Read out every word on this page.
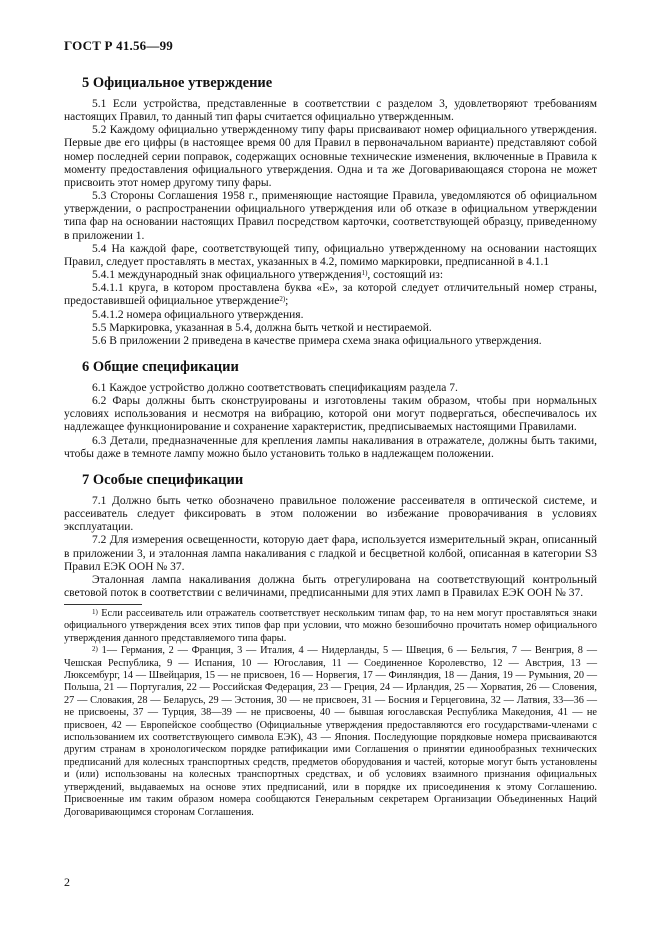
ГОСТ Р 41.56—99
5 Официальное утверждение

5.1 Если устройства, представленные в соответствии с разделом 3, удовлетворяют требованиям настоящих Правил, то данный тип фары считается официально утвержденным.

5.2 Каждому официально утвержденному типу фары присваивают номер официального утверждения. Первые две его цифры (в настоящее время 00 для Правил в первоначальном варианте) представляют собой номер последней серии поправок, содержащих основные технические изменения, включенные в Правила к моменту предоставления официального утверждения. Одна и та же Договаривающаяся сторона не может присвоить этот номер другому типу фары.

5.3 Стороны Соглашения 1958 г., применяющие настоящие Правила, уведомляются об официальном утверждении, о распространении официального утверждения или об отказе в официальном утверждении типа фар на основании настоящих Правил посредством карточки, соответствующей образцу, приведенному в приложении 1.

5.4 На каждой фаре, соответствующей типу, официально утвержденному на основании настоящих Правил, следует проставлять в местах, указанных в 4.2, помимо маркировки, предписанной в 4.1.1

5.4.1 международный знак официального утверждения$^{1)}$, состоящий из:

5.4.1.1 круга, в котором проставлена буква «Е», за которой следует отличительный номер страны, предоставившей официальное утверждение$^{2)}$;

5.4.1.2 номера официального утверждения.

5.5 Маркировка, указанная в 5.4, должна быть четкой и нестираемой.

5.6 В приложении 2 приведена в качестве примера схема знака официального утверждения.

6 Общие спецификации

6.1 Каждое устройство должно соответствовать спецификациям раздела 7.

6.2 Фары должны быть сконструированы и изготовлены таким образом, чтобы при нормальных условиях использования и несмотря на вибрацию, которой они могут подвергаться, обеспечивалось их надлежащее функционирование и сохранение характеристик, предписываемых настоящими Правилами.

6.3 Детали, предназначенные для крепления лампы накаливания в отражателе, должны быть такими, чтобы даже в темноте лампу можно было установить только в надлежащем положении.

7 Особые спецификации

7.1 Должно быть четко обозначено правильное положение рассеивателя в оптической системе, и рассеиватель следует фиксировать в этом положении во избежание проворачивания в условиях эксплуатации.

7.2 Для измерения освещенности, которую дает фара, используется измерительный экран, описанный в приложении 3, и эталонная лампа накаливания с гладкой и бесцветной колбой, описанная в категории S3 Правил ЕЭК ООН № 37.

Эталонная лампа накаливания должна быть отрегулирована на соответствующий контрольный световой поток в соответствии с величинами, предписанными для этих ламп в Правилах ЕЭК ООН № 37.

$^{1)}$ Если рассеиватель или отражатель соответствует нескольким типам фар, то на нем могут проставляться знаки официального утверждения всех этих типов фар при условии, что можно безошибочно прочитать номер официального утверждения данного представляемого типа фары.

$^{2)}$ 1— Германия, 2 — Франция, 3 — Италия, 4 — Нидерланды, 5 — Швеция, 6 — Бельгия, 7 — Венгрия, 8 — Чешская Республика, 9 — Испания, 10 — Югославия, 11 — Соединенное Королевство, 12 — Австрия, 13 — Люксембург, 14 — Швейцария, 15 — не присвоен, 16 — Норвегия, 17 — Финляндия, 18 — Дания, 19 — Румыния, 20 — Польша, 21 — Португалия, 22 — Российская Федерация, 23 — Греция, 24 — Ирландия, 25 — Хорватия, 26 — Словения, 27 — Словакия, 28 — Беларусь, 29 — Эстония, 30 — не присвоен, 31 — Босния и Герцеговина, 32 — Латвия, 33—36 — не присвоены, 37 — Турция, 38—39 — не присвоены, 40 — бывшая югославская Республика Македония, 41 — не присвоен, 42 — Европейское сообщество (Официальные утверждения предоставляются его государствами-членами с использованием их соответствующего символа ЕЭК), 43 — Япония. Последующие порядковые номера присваиваются другим странам в хронологическом порядке ратификации ими Соглашения о принятии единообразных технических предписаний для колесных транспортных средств, предметов оборудования и частей, которые могут быть установлены и (или) использованы на колесных транспортных средствах, и об условиях взаимного признания официальных утверждений, выдаваемых на основе этих предписаний, или в порядке их присоединения к этому Соглашению. Присвоенные им таким образом номера сообщаются Генеральным секретарем Организации Объединенных Наций Договаривающимся сторонам Соглашения.

2
